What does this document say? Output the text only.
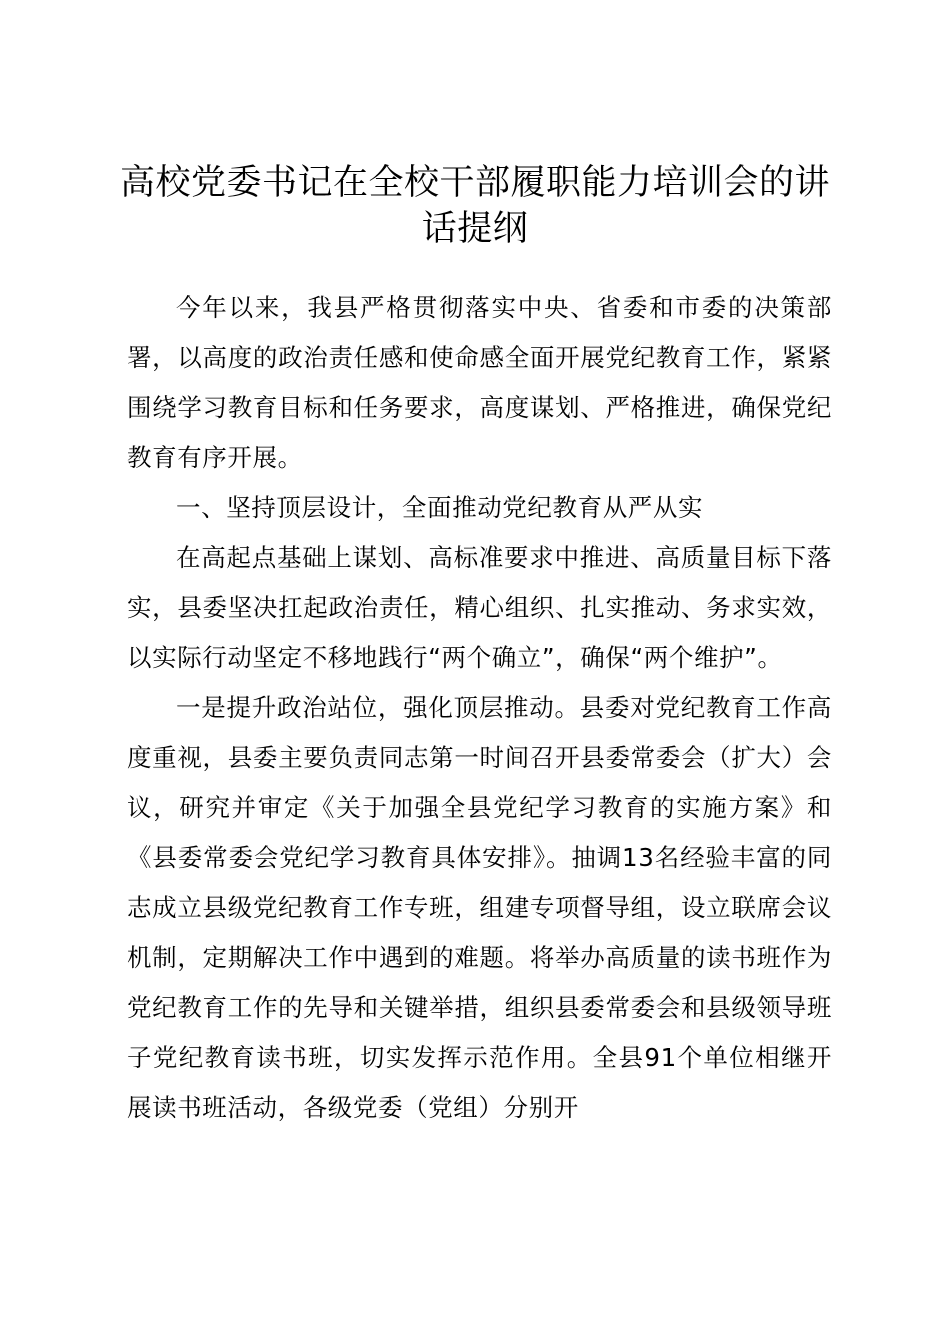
高校党委书记在全校干部履职能力培训会的讲话提纲

今年以来，我县严格贯彻落实中央、省委和市委的决策部署，以高度的政治责任感和使命感全面开展党纪教育工作，紧紧围绕学习教育目标和任务要求，高度谋划、严格推进，确保党纪教育有序开展。

一、坚持顶层设计，全面推动党纪教育从严从实

在高起点基础上谋划、高标准要求中推进、高质量目标下落实，县委坚决扛起政治责任，精心组织、扎实推动、务求实效，以实际行动坚定不移地践行“两个确立”，确保“两个维护”。

一是提升政治站位，强化顶层推动。县委对党纪教育工作高度重视，县委主要负责同志第一时间召开县委常委会（扩大）会议，研究并审定《关于加强全县党纪学习教育的实施方案》和《县委常委会党纪学习教育具体安排》。抽调13名经验丰富的同志成立县级党纪教育工作专班，组建专项督导组，设立联席会议机制，定期解决工作中遇到的难题。将举办高质量的读书班作为党纪教育工作的先导和关键举措，组织县委常委会和县级领导班子党纪教育读书班，切实发挥示范作用。全县91个单位相继开展读书班活动，各级党委（党组）分别开
